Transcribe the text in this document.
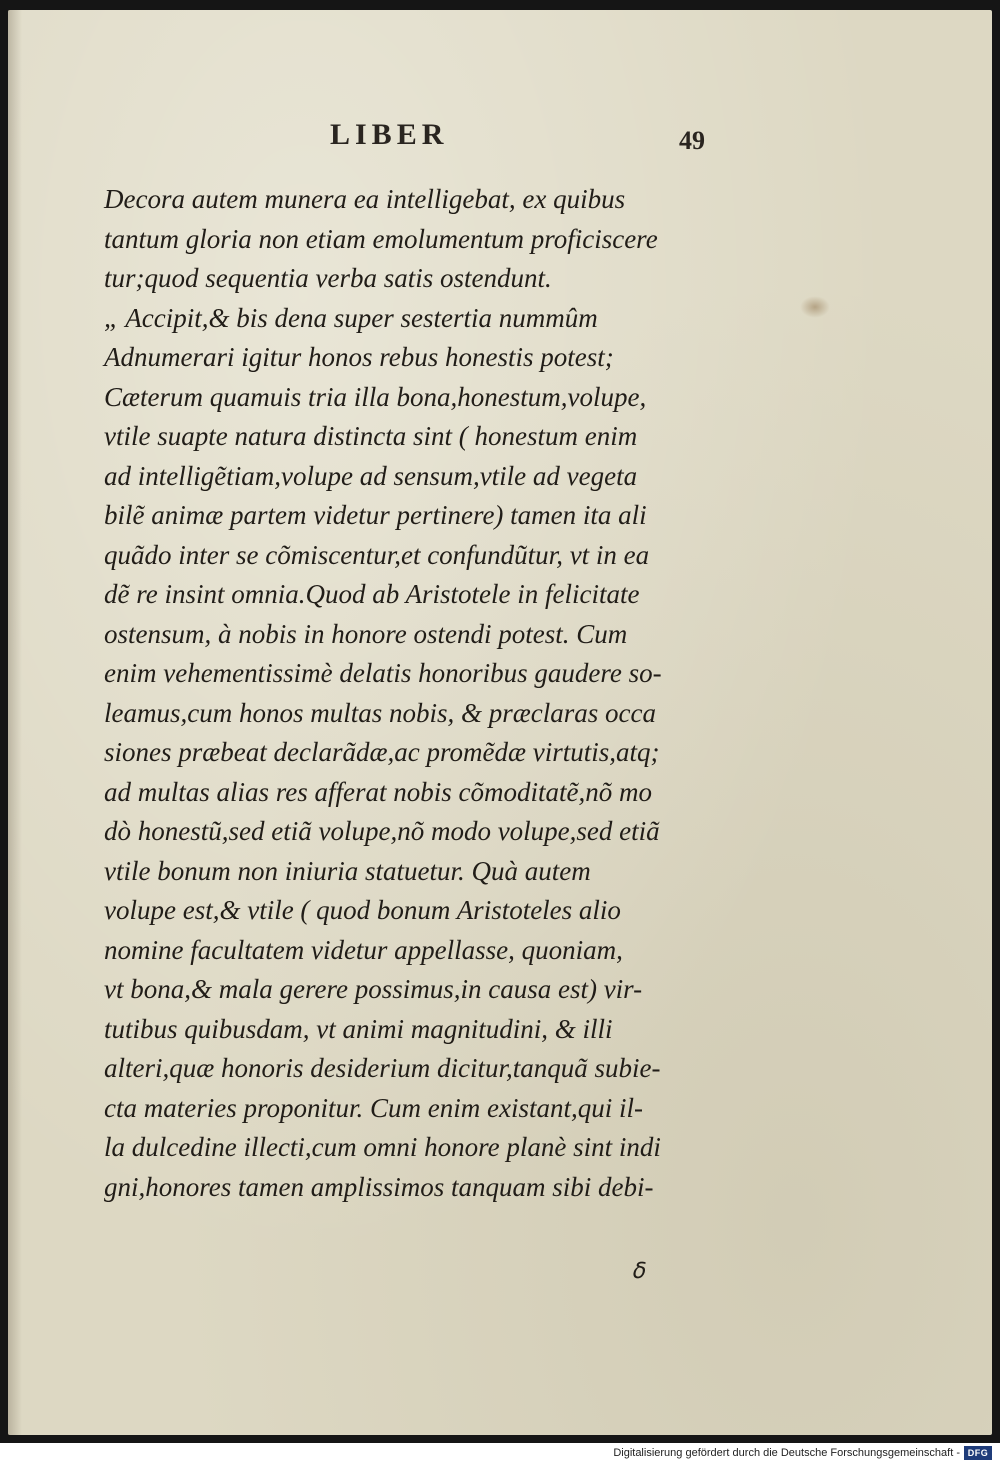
LIBER	49
Decora autem munera ea intelligebat, ex quibus
tantum gloria non etiam emolumentum proficiscere
tur;quod sequentia verba satis ostendunt.
„ Accipit,& bis dena super sestertia nummûm
Adnumerari igitur honos rebus honestis potest;
Cæterum quamuis tria illa bona,honestum,volupe,
vtile suapte natura distincta sint ( honestum enim
ad intelligẽtiam,volupe ad sensum,vtile ad vegeta
bilẽ animæ partem videtur pertinere) tamen ita ali
quãdo inter se cõmiscentur,et confundũtur, vt in ea
dẽ re insint omnia.Quod ab Aristotele in felicitate
ostensum, à nobis in honore ostendi potest. Cum
enim vehementissimè delatis honoribus gaudere so-
leamus,cum honos multas nobis, & præclaras occa
siones præbeat declarãdæ,ac promẽdæ virtutis,atq;
ad multas alias res afferat nobis cõmoditatẽ,nõ mo
dò honestũ,sed etiã volupe,nõ modo volupe,sed etiã
vtile bonum non iniuria statuetur. Quà autem
volupe est,& vtile ( quod bonum Aristoteles alio
nomine facultatem videtur appellasse, quoniam,
vt bona,& mala gerere possimus,in causa est) vir-
tutibus quibusdam, vt animi magnitudini, & illi
alteri,quæ honoris desiderium dicitur,tanquã subie-
cta materies proponitur. Cum enim existant,qui il-
la dulcedine illecti,cum omni honore planè sint indi
gni,honores tamen amplissimos tanquam sibi debi-
ẟ
Digitalisierung gefördert durch die Deutsche Forschungsgemeinschaft - DFG
